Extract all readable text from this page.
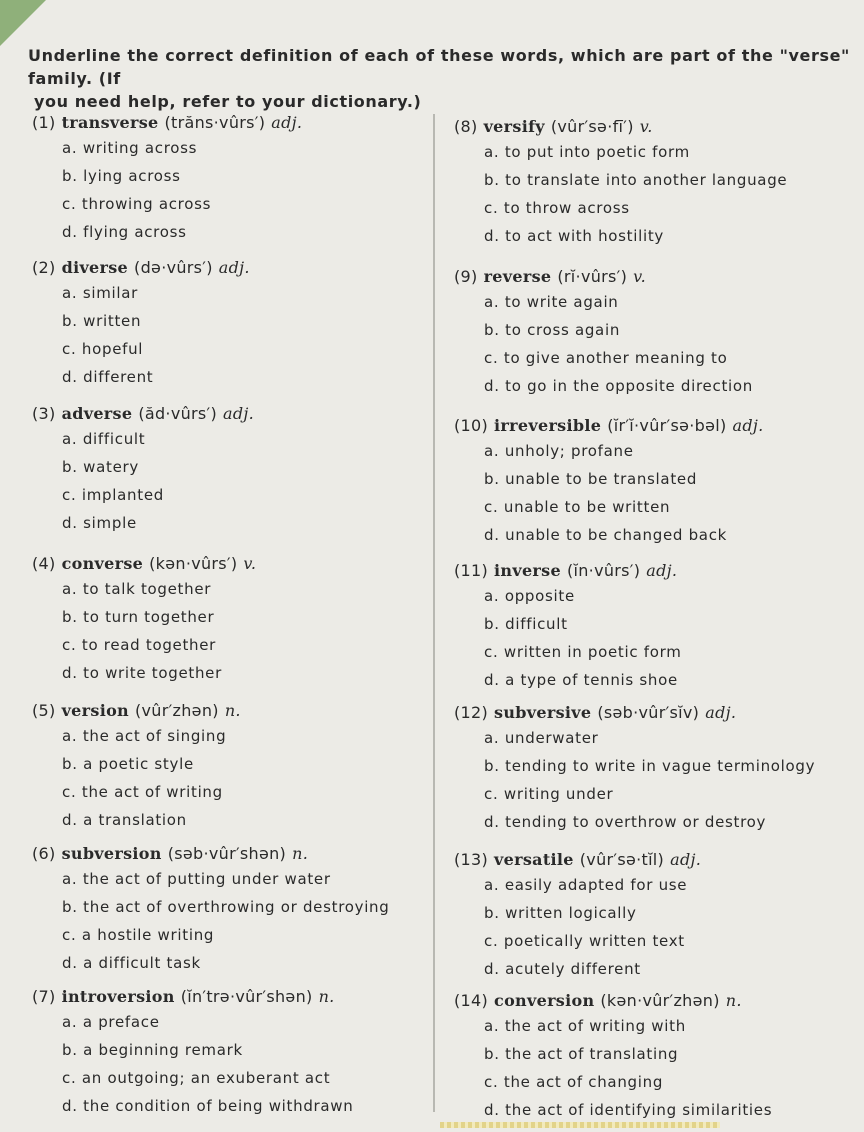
Underline the correct definition of each of these words, which are part of the "verse" family. (If
you need help, refer to your dictionary.)
(1) transverse (trăns·vûrs′) adj.
a. writing across
b. lying across
c. throwing across
d. flying across
(2) diverse (də·vûrs′) adj.
a. similar
b. written
c. hopeful
d. different
(3) adverse (ăd·vûrs′) adj.
a. difficult
b. watery
c. implanted
d. simple
(4) converse (kən·vûrs′) v.
a. to talk together
b. to turn together
c. to read together
d. to write together
(5) version (vûr′zhən) n.
a. the act of singing
b. a poetic style
c. the act of writing
d. a translation
(6) subversion (səb·vûr′shən) n.
a. the act of putting under water
b. the act of overthrowing or destroying
c. a hostile writing
d. a difficult task
(7) introversion (ĭn′trə·vûr′shən) n.
a. a preface
b. a beginning remark
c. an outgoing; an exuberant act
d. the condition of being withdrawn
(8) versify (vûr′sə·fī′) v.
a. to put into poetic form
b. to translate into another language
c. to throw across
d. to act with hostility
(9) reverse (rĭ·vûrs′) v.
a. to write again
b. to cross again
c. to give another meaning to
d. to go in the opposite direction
(10) irreversible (ĭr′ĭ·vûr′sə·bəl) adj.
a. unholy; profane
b. unable to be translated
c. unable to be written
d. unable to be changed back
(11) inverse (ĭn·vûrs′) adj.
a. opposite
b. difficult
c. written in poetic form
d. a type of tennis shoe
(12) subversive (səb·vûr′sĭv) adj.
a. underwater
b. tending to write in vague terminology
c. writing under
d. tending to overthrow or destroy
(13) versatile (vûr′sə·tĭl) adj.
a. easily adapted for use
b. written logically
c. poetically written text
d. acutely different
(14) conversion (kən·vûr′zhən) n.
a. the act of writing with
b. the act of translating
c. the act of changing
d. the act of identifying similarities
